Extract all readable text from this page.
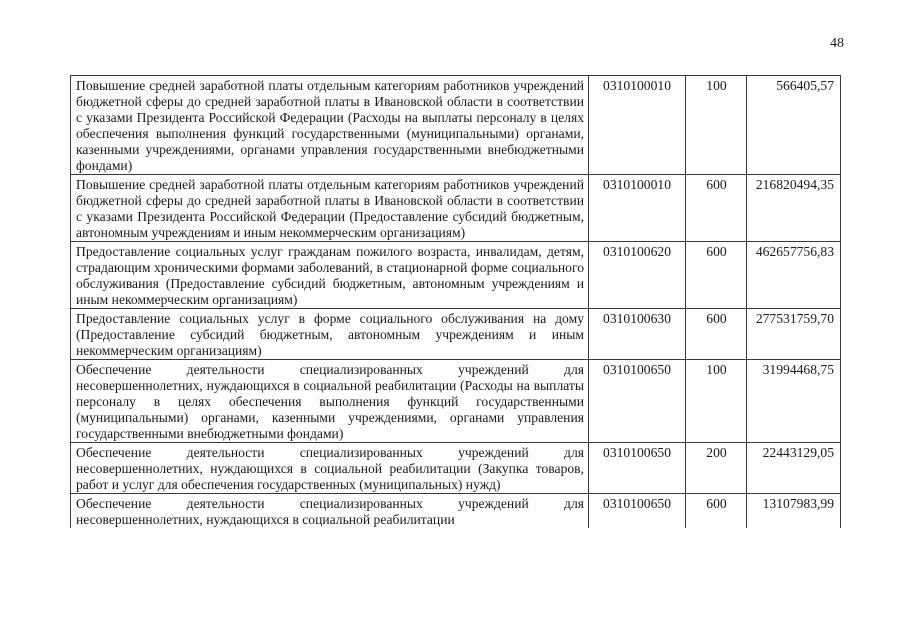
48
Повышение средней заработной платы отдельным категориям работников учреждений бюджетной сферы до средней заработной платы в Ивановской области в соответствии с указами Президента Российской Федерации (Расходы на выплаты персоналу в целях обеспечения выполнения функций государственными (муниципальными) органами, казенными учреждениями, органами управления государственными внебюджетными фондами)	0310100010	100	566405,57
Повышение средней заработной платы отдельным категориям работников учреждений бюджетной сферы до средней заработной платы в Ивановской области в соответствии с указами Президента Российской Федерации (Предоставление субсидий бюджетным, автономным учреждениям и иным некоммерческим организациям)	0310100010	600	216820494,35
Предоставление социальных услуг гражданам пожилого возраста, инвалидам, детям, страдающим хроническими формами заболеваний, в стационарной форме социального обслуживания (Предоставление субсидий бюджетным, автономным учреждениям и иным некоммерческим организациям)	0310100620	600	462657756,83
Предоставление социальных услуг в форме социального обслуживания на дому (Предоставление субсидий бюджетным, автономным учреждениям и иным некоммерческим организациям)	0310100630	600	277531759,70
Обеспечение деятельности специализированных учреждений для несовершеннолетних, нуждающихся в социальной реабилитации (Расходы на выплаты персоналу в целях обеспечения выполнения функций государственными (муниципальными) органами, казенными учреждениями, органами управления государственными внебюджетными фондами)	0310100650	100	31994468,75
Обеспечение деятельности специализированных учреждений для несовершеннолетних, нуждающихся в социальной реабилитации (Закупка товаров, работ и услуг для обеспечения государственных (муниципальных) нужд)	0310100650	200	22443129,05
Обеспечение деятельности специализированных учреждений для несовершеннолетних, нуждающихся в социальной реабилитации	0310100650	600	13107983,99
